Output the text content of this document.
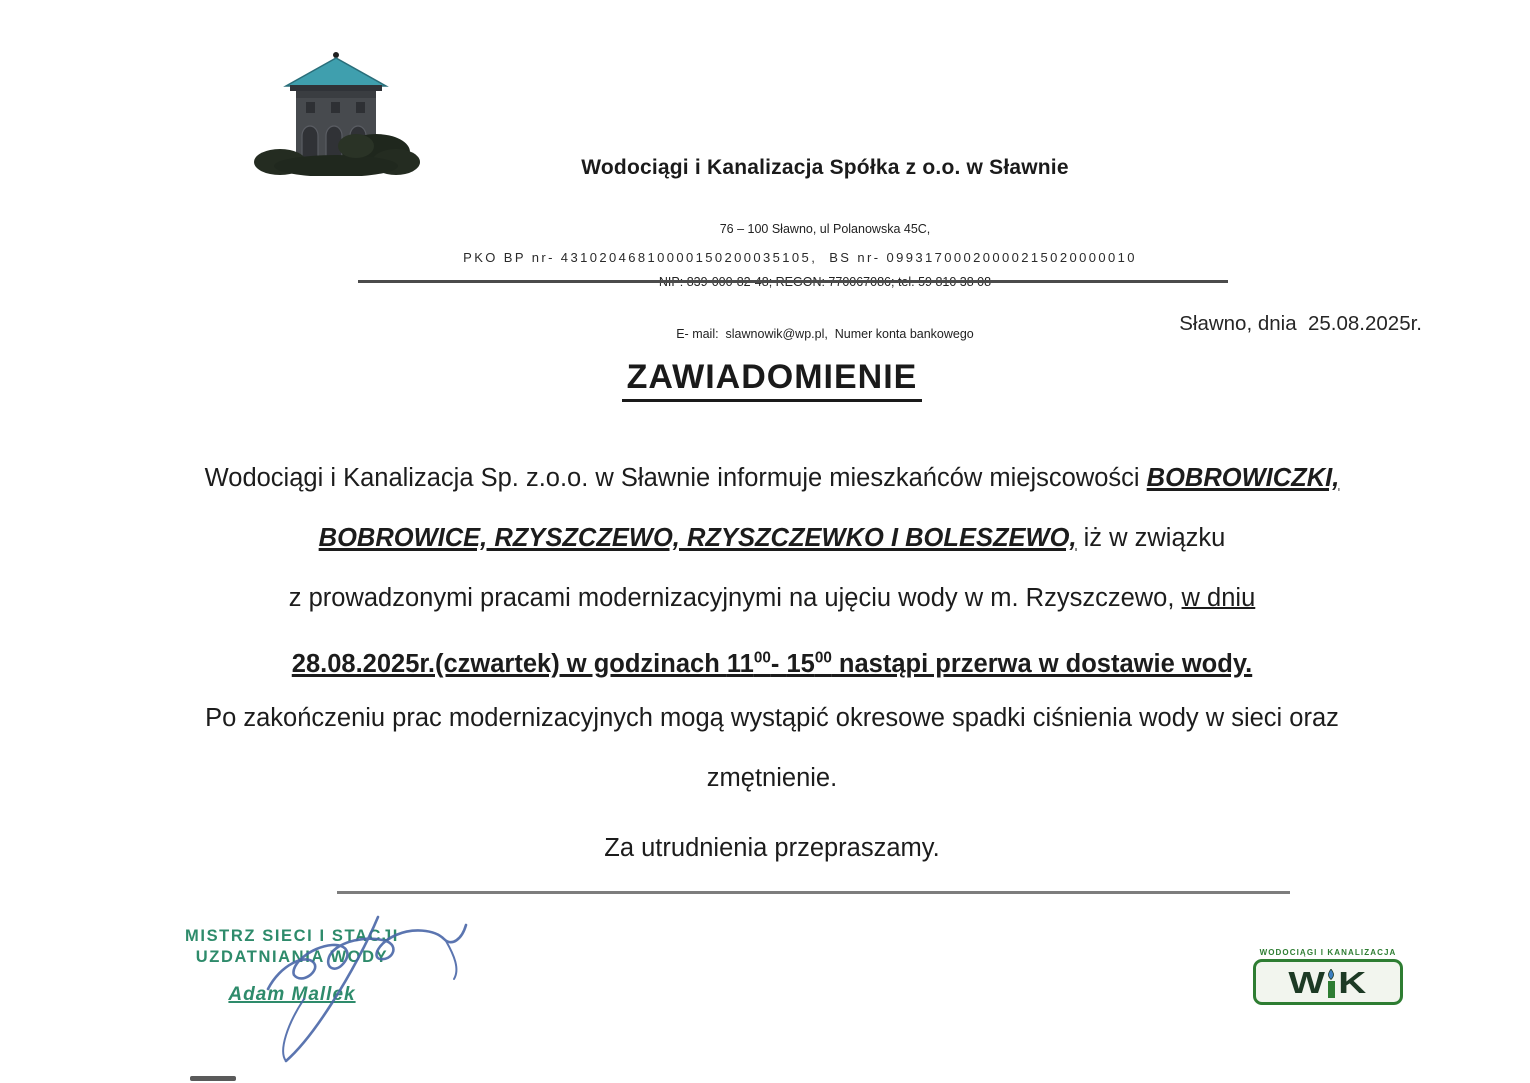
Wodociągi i Kanalizacja Spółka z o.o. w Sławnie

76 – 100 Sławno, ul Polanowska 45C,

E- mail:  slawnowik@wp.pl,  Numer konta bankowego

PKO BP nr- 43102046810000150200035105,  BS nr- 09931700020000215020000010
Sławno, dnia  25.08.2025r.
ZAWIADOMIENIE
Wodociągi i Kanalizacja Sp. z.o.o. w Sławnie informuje mieszkańców miejscowości BOBROWICZKI,
BOBROWICE, RZYSZCZEWO, RZYSZCZEWKO I BOLESZEWO, iż w związku
z prowadzonymi pracami modernizacyjnymi na ujęciu wody w m. Rzyszczewo, w dniu
28.08.2025r.(czwartek) w godzinach $11^{00}-$ $15^{00}$ nastąpi przerwa w dostawie wody.
Po zakończeniu prac modernizacyjnych mogą wystąpić okresowe spadki ciśnienia wody w sieci oraz
zmętnienie.
Za utrudnienia przepraszamy.
MISTRZ SIECI I STACJI
UZDATNIANIA WODY
Adam Mallek
WODOCIĄGI I KANALIZACJA
W K
